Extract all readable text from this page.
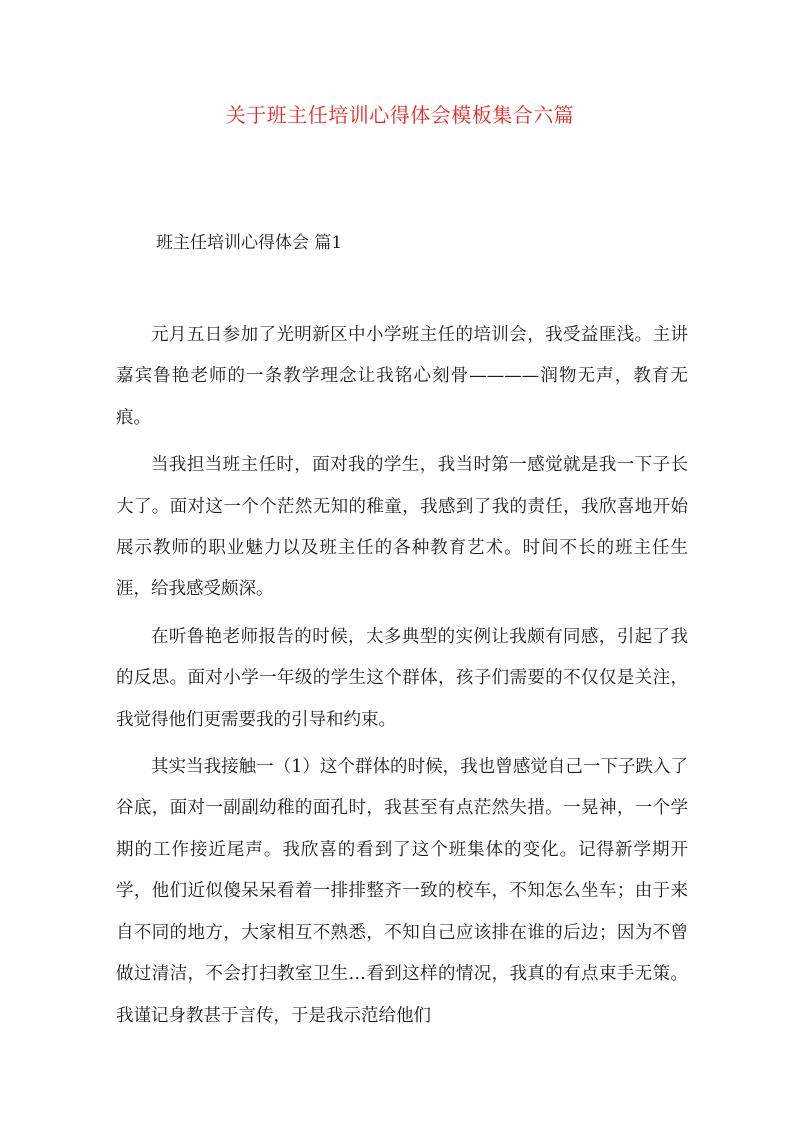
关于班主任培训心得体会模板集合六篇
班主任培训心得体会 篇1

元月五日参加了光明新区中小学班主任的培训会，我受益匪浅。主讲嘉宾鲁艳老师的一条教学理念让我铭心刻骨————润物无声，教育无痕。

当我担当班主任时，面对我的学生，我当时第一感觉就是我一下子长大了。面对这一个个茫然无知的稚童，我感到了我的责任，我欣喜地开始展示教师的职业魅力以及班主任的各种教育艺术。时间不长的班主任生涯，给我感受颇深。

在听鲁艳老师报告的时候，太多典型的实例让我颇有同感，引起了我的反思。面对小学一年级的学生这个群体，孩子们需要的不仅仅是关注，我觉得他们更需要我的引导和约束。

其实当我接触一（1）这个群体的时候，我也曾感觉自己一下子跌入了谷底，面对一副副幼稚的面孔时，我甚至有点茫然失措。一晃神，一个学期的工作接近尾声。我欣喜的看到了这个班集体的变化。记得新学期开学，他们近似傻呆呆看着一排排整齐一致的校车，不知怎么坐车；由于来自不同的地方，大家相互不熟悉，不知自己应该排在谁的后边；因为不曾做过清洁，不会打扫教室卫生…看到这样的情况，我真的有点束手无策。我谨记身教甚于言传，于是我示范给他们
